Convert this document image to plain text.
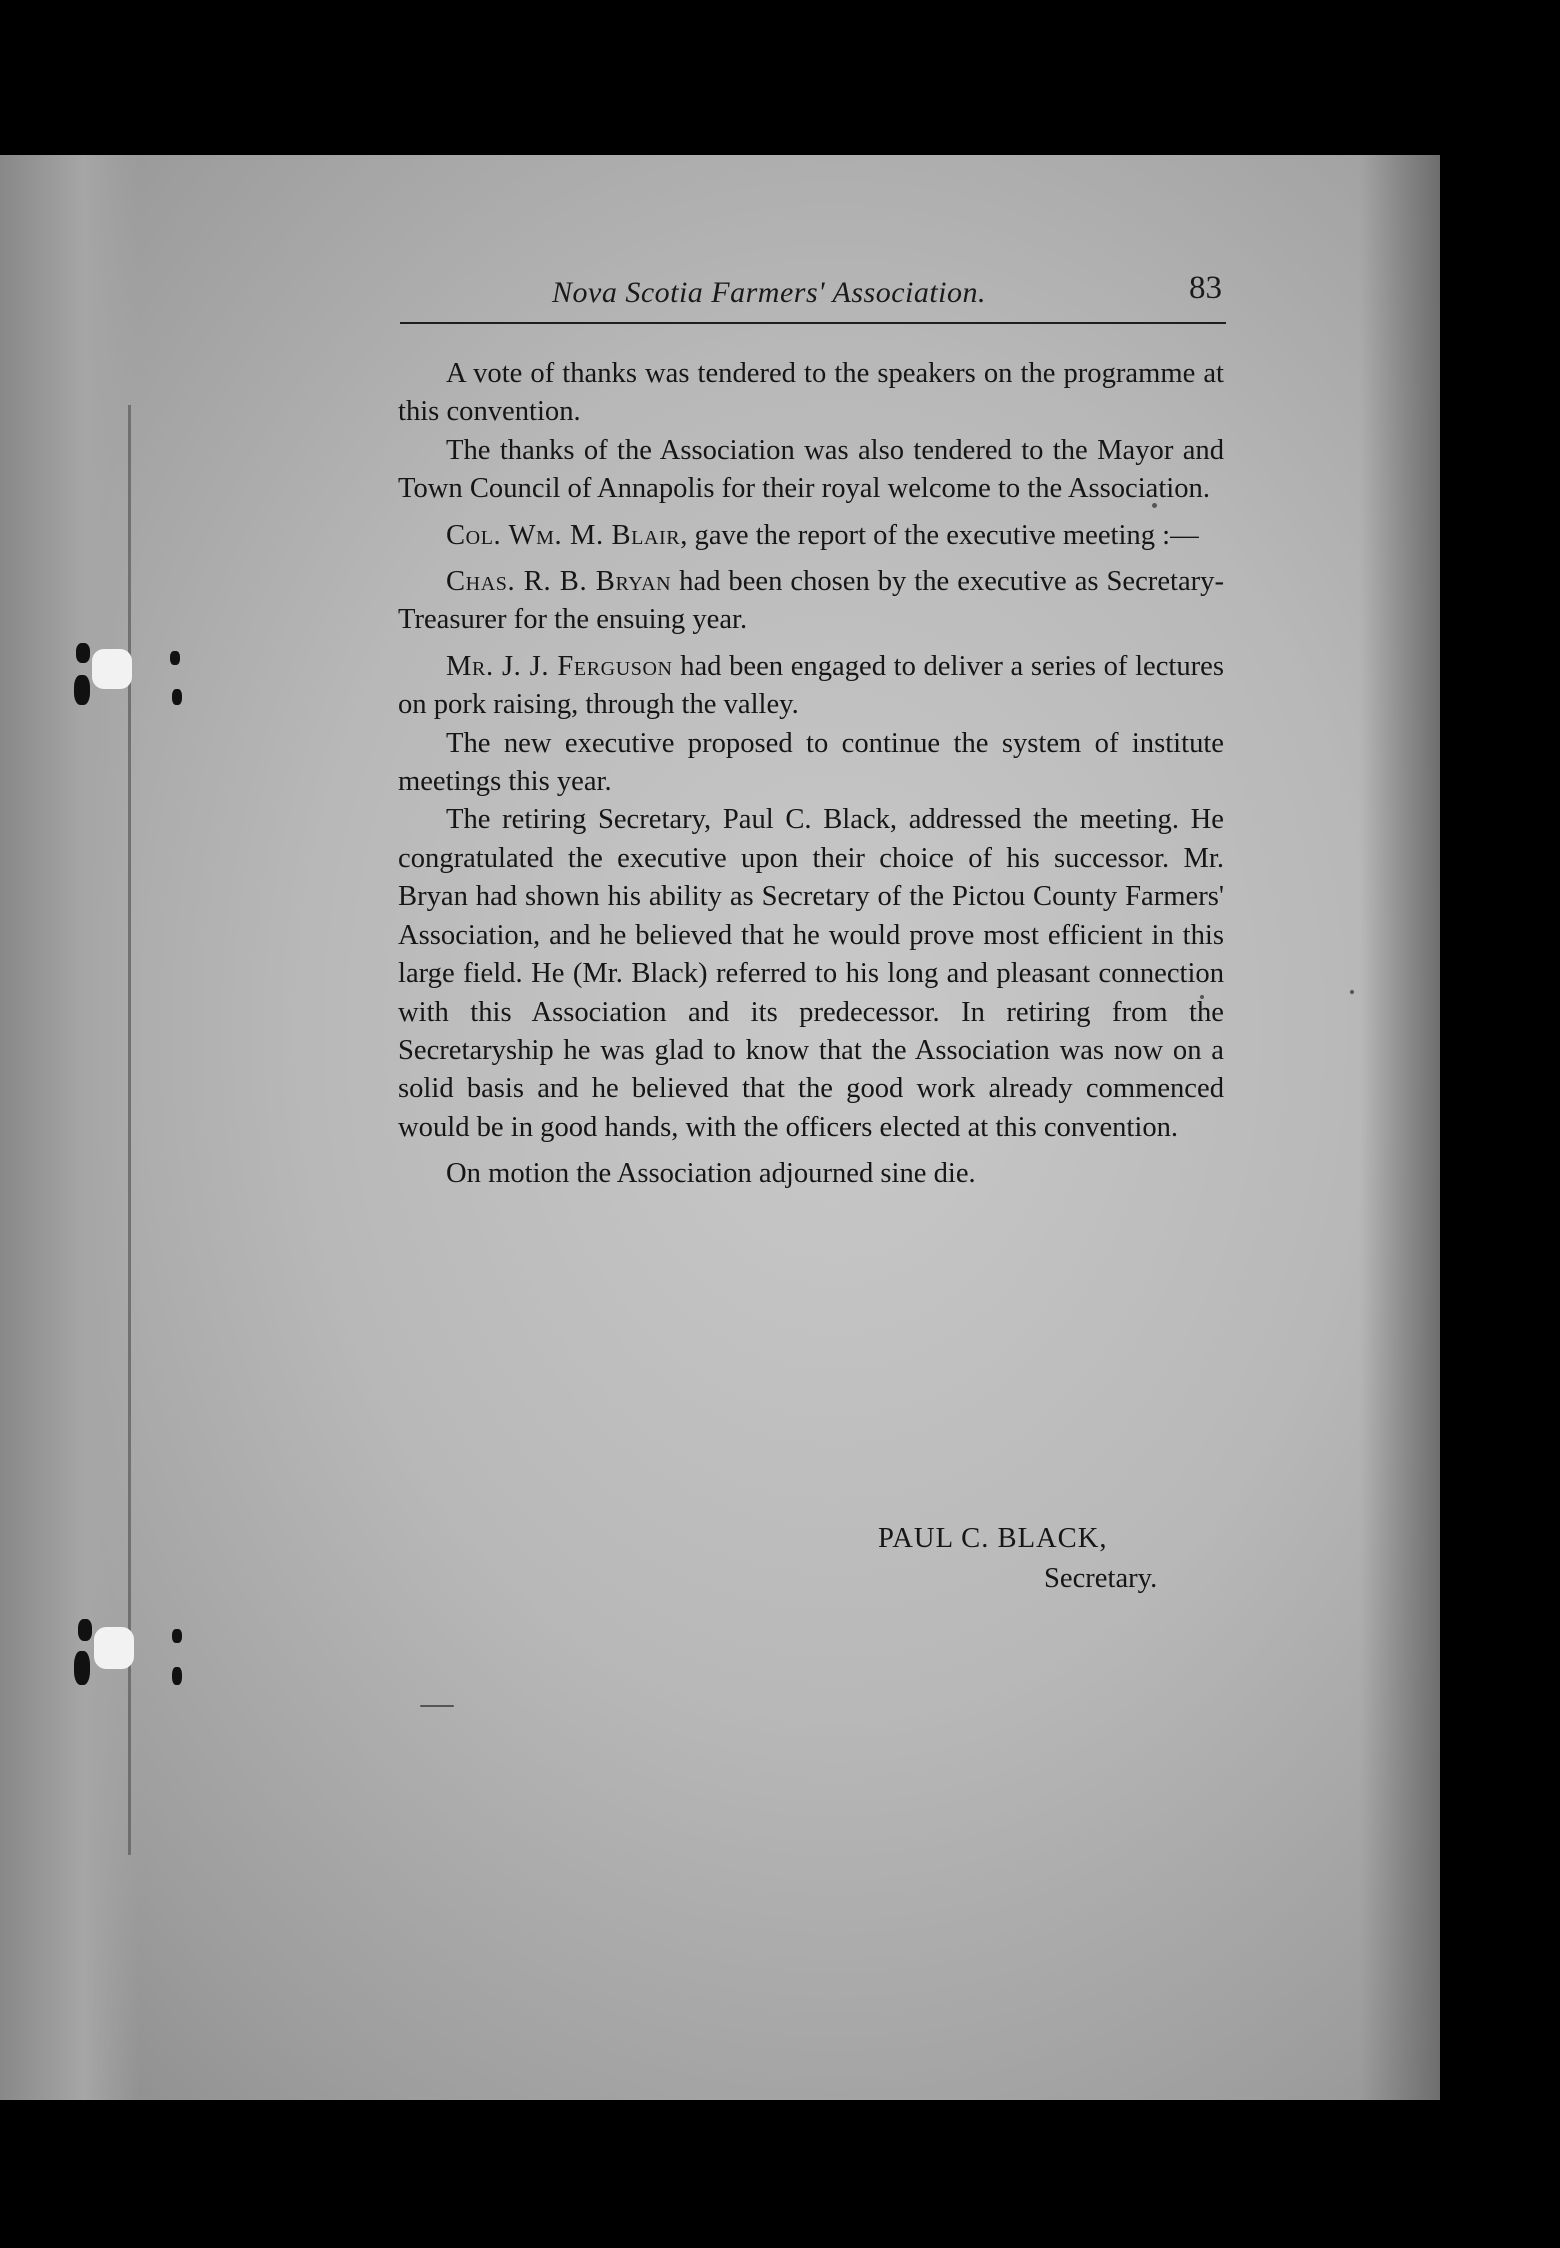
Nova Scotia Farmers' Association.	83

A vote of thanks was tendered to the speakers on the programme at this convention.

The thanks of the Association was also tendered to the Mayor and Town Council of Annapolis for their royal welcome to the Association.

Col. Wm. M. Blair, gave the report of the executive meeting :—

Chas. R. B. Bryan had been chosen by the executive as Secretary-Treasurer for the ensuing year.

Mr. J. J. Ferguson had been engaged to deliver a series of lectures on pork raising, through the valley.

The new executive proposed to continue the system of institute meetings this year.

The retiring Secretary, Paul C. Black, addressed the meeting. He congratulated the executive upon their choice of his successor. Mr. Bryan had shown his ability as Secretary of the Pictou County Farmers' Association, and he believed that he would prove most efficient in this large field. He (Mr. Black) referred to his long and pleasant connection with this Association and its predecessor. In retiring from the Secretaryship he was glad to know that the Association was now on a solid basis and he believed that the good work already commenced would be in good hands, with the officers elected at this convention.

On motion the Association adjourned sine die.

PAUL C. BLACK,
Secretary.
